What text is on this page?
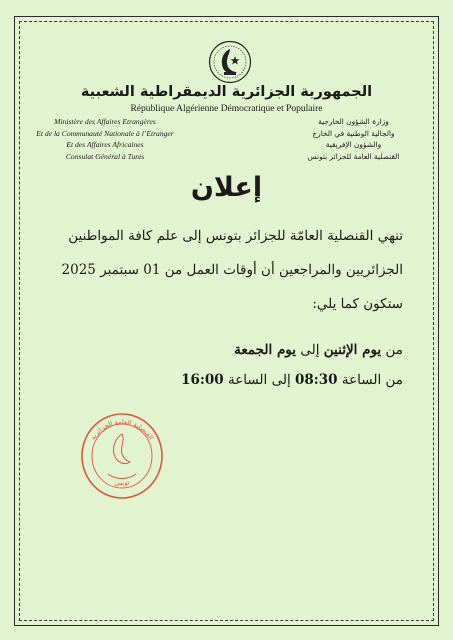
الجمهورية الجزائرية الديمقراطية الشعبية
République Algérienne Démocratique et Populaire
Ministère des Affaires Etrangères
Et de la Communauté Nationale à l’Etranger
Et des Affaires Africaines
Consulat Général à Tunis
وزارة الشؤون الخارجية
والجالية الوطنية في الخارج
والشؤون الإفريقية
القنصلية العامة للجزائر بتونس
إعلان
تنهي القنصلية العامّة للجزائر بتونس إلى علم كافة المواطنين
الجزائريين والمراجعين أن أوقات العمل من 01 سبتمبر 2025
ستكون كما يلي:
من يوم الإثنين إلى يوم الجمعة
من الساعة 08:30 إلى الساعة 16:00
القنصلية العامة الجزائرية
تونس
